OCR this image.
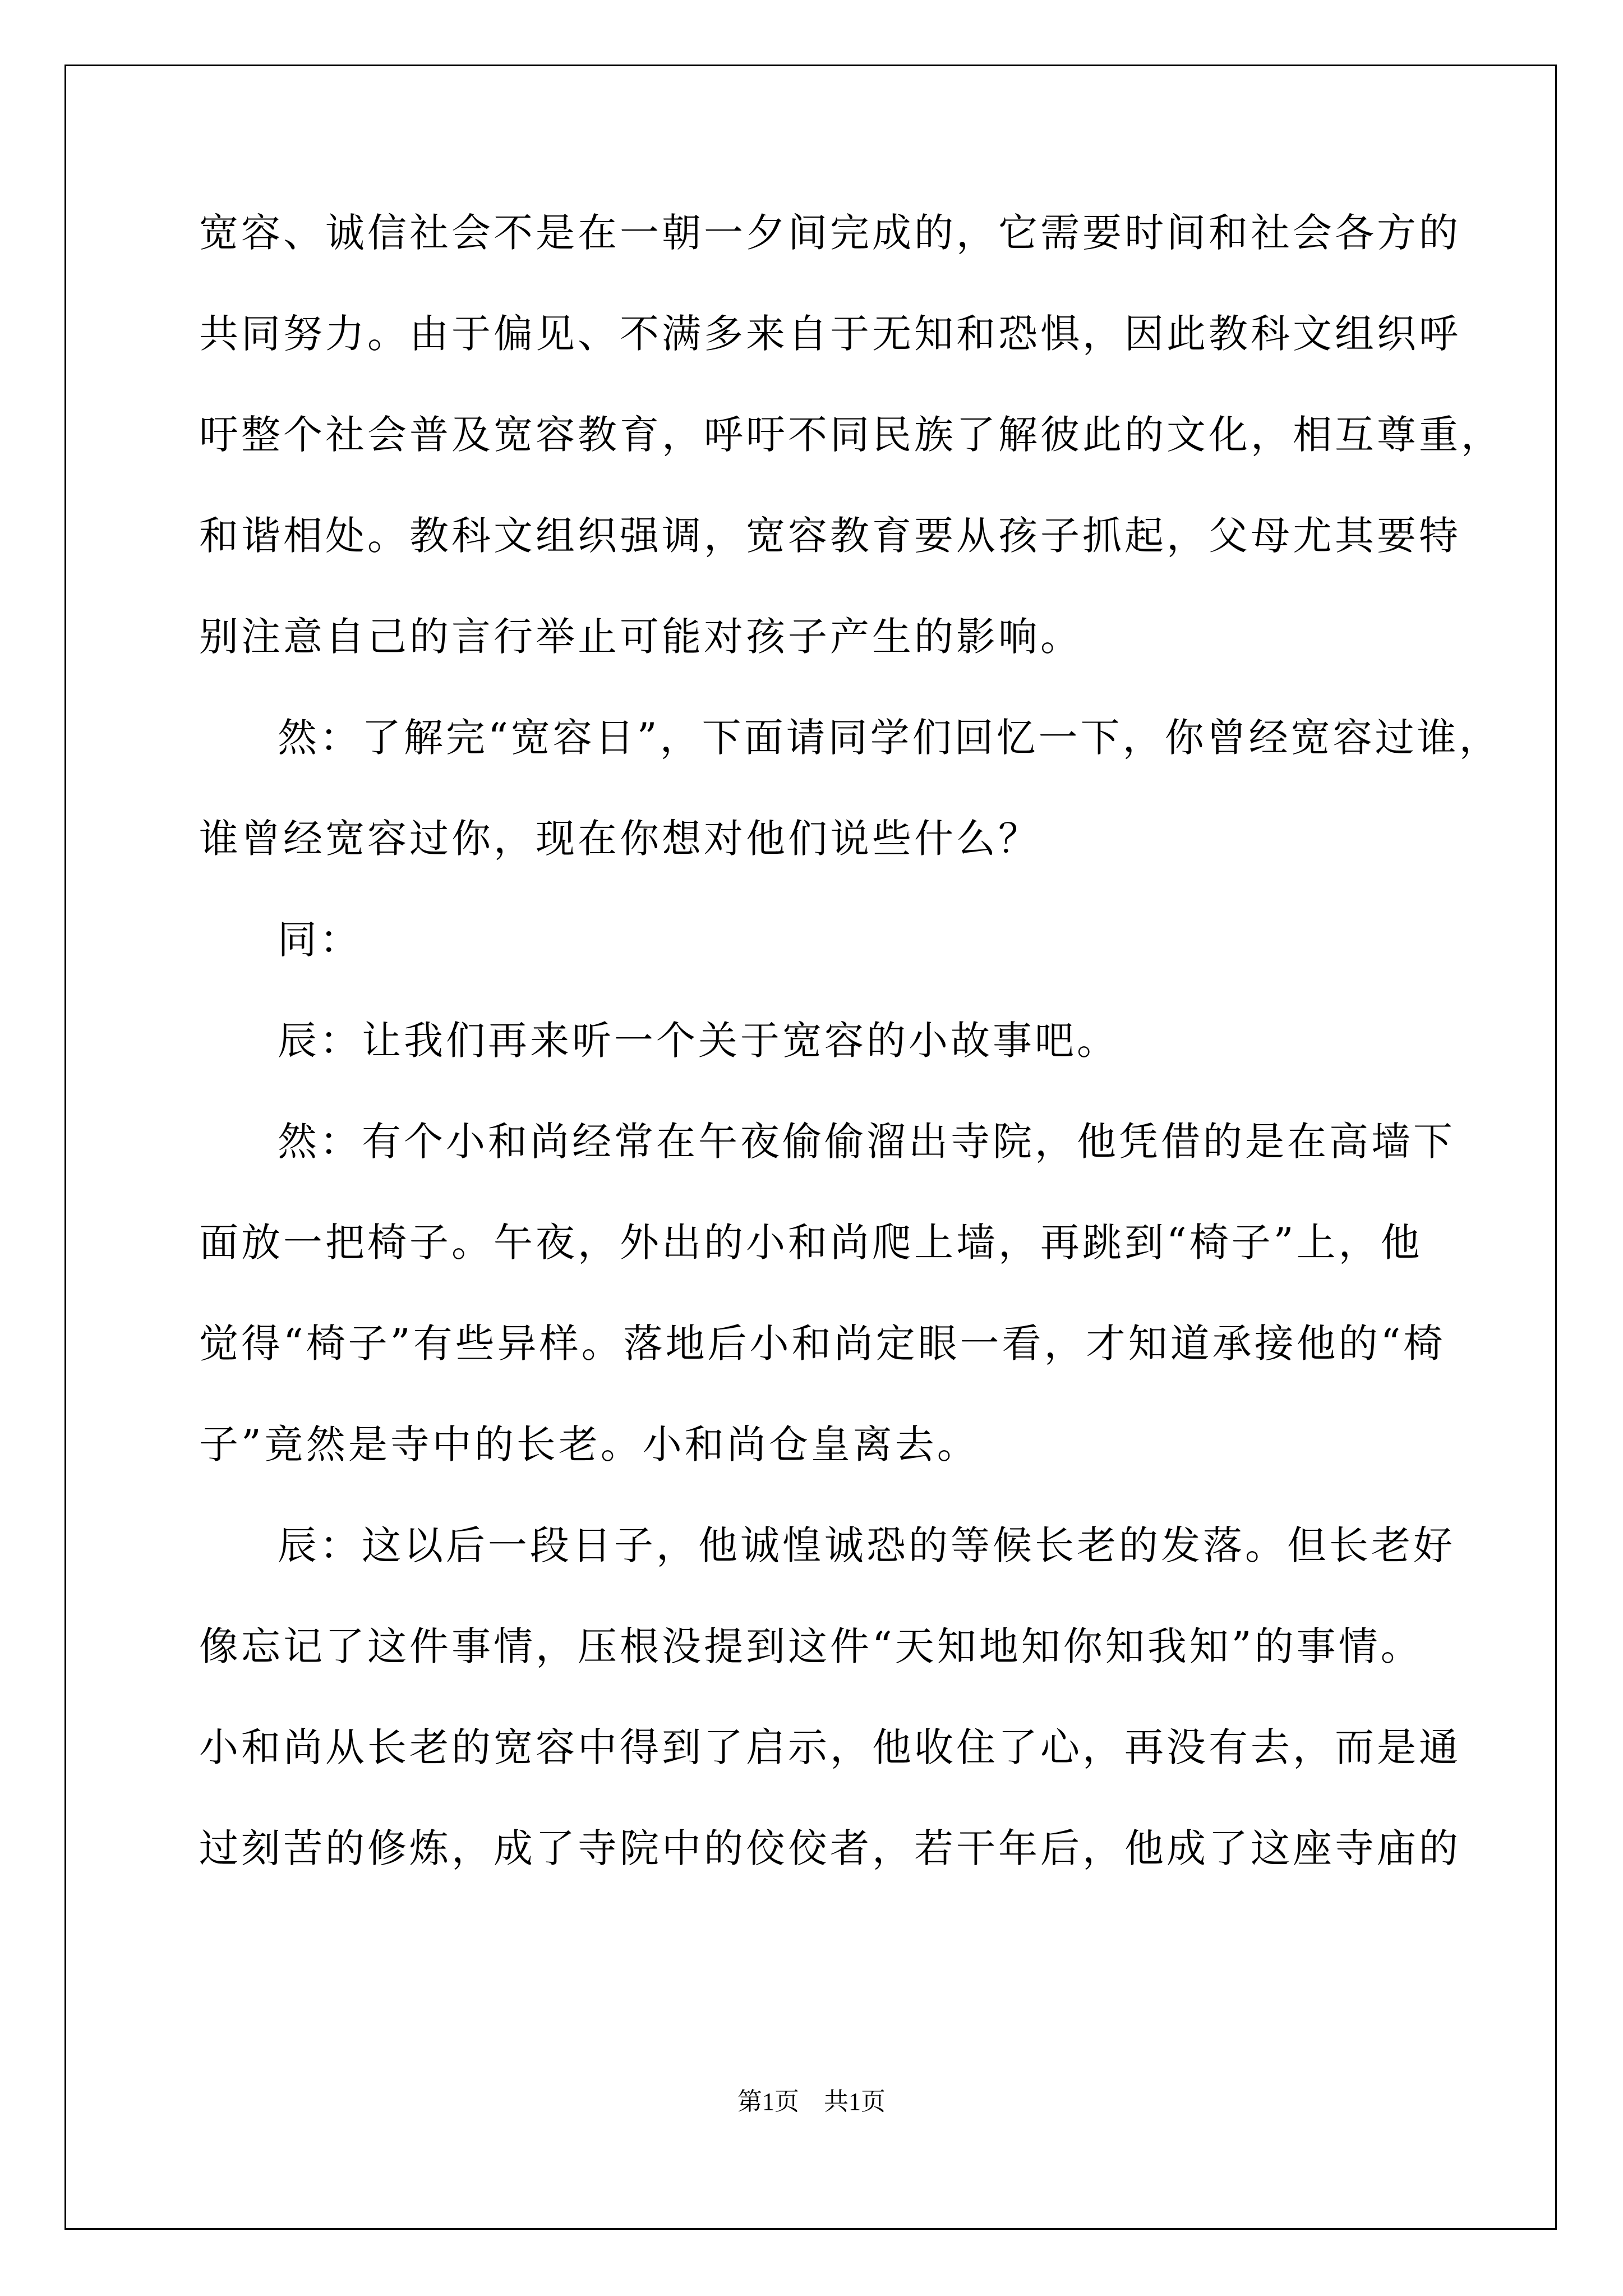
宽容、诚信社会不是在一朝一夕间完成的，它需要时间和社会各方的
共同努力。由于偏见、不满多来自于无知和恐惧，因此教科文组织呼
吁整个社会普及宽容教育，呼吁不同民族了解彼此的文化，相互尊重，
和谐相处。教科文组织强调，宽容教育要从孩子抓起，父母尤其要特
别注意自己的言行举止可能对孩子产生的影响。
然：了解完“宽容日”，下面请同学们回忆一下，你曾经宽容过谁，
谁曾经宽容过你，现在你想对他们说些什么？
同：
辰：让我们再来听一个关于宽容的小故事吧。
然：有个小和尚经常在午夜偷偷溜出寺院，他凭借的是在高墙下
面放一把椅子。午夜，外出的小和尚爬上墙，再跳到“椅子”上，他
觉得“椅子”有些异样。落地后小和尚定眼一看，才知道承接他的“椅
子”竟然是寺中的长老。小和尚仓皇离去。
辰：这以后一段日子，他诚惶诚恐的等候长老的发落。但长老好
像忘记了这件事情，压根没提到这件“天知地知你知我知”的事情。
小和尚从长老的宽容中得到了启示，他收住了心，再没有去，而是通
过刻苦的修炼，成了寺院中的佼佼者，若干年后，他成了这座寺庙的
第1页　共1页
